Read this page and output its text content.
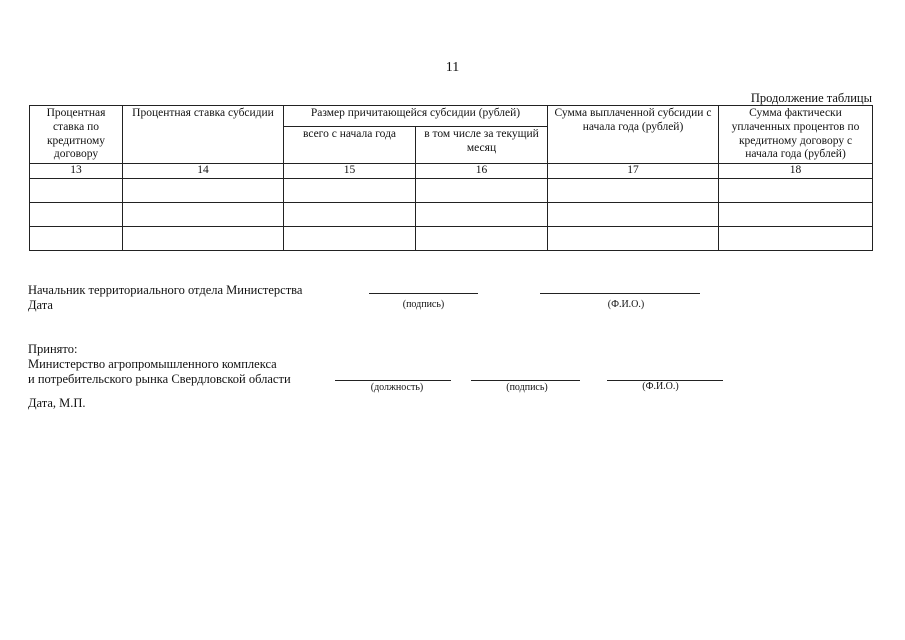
11
Продолжение таблицы
Процентная ставка по кредитному договору	Процентная ставка субсидии	Размер причитающейся субсидии (рублей)		Сумма выплаченной субсидии с начала года (рублей)	Сумма фактически уплаченных процентов по кредитному договору с начала года (рублей)
		всего с начала года	в том числе за текущий месяц		
13	14	15	16	17	18

Начальник территориального отдела Министерства
Дата	(подпись)	(Ф.И.О.)
Принято:
Министерство агропромышленного комплекса
и потребительского рынка Свердловской области
(должность)	(подпись)	(Ф.И.О.)
Дата, М.П.
